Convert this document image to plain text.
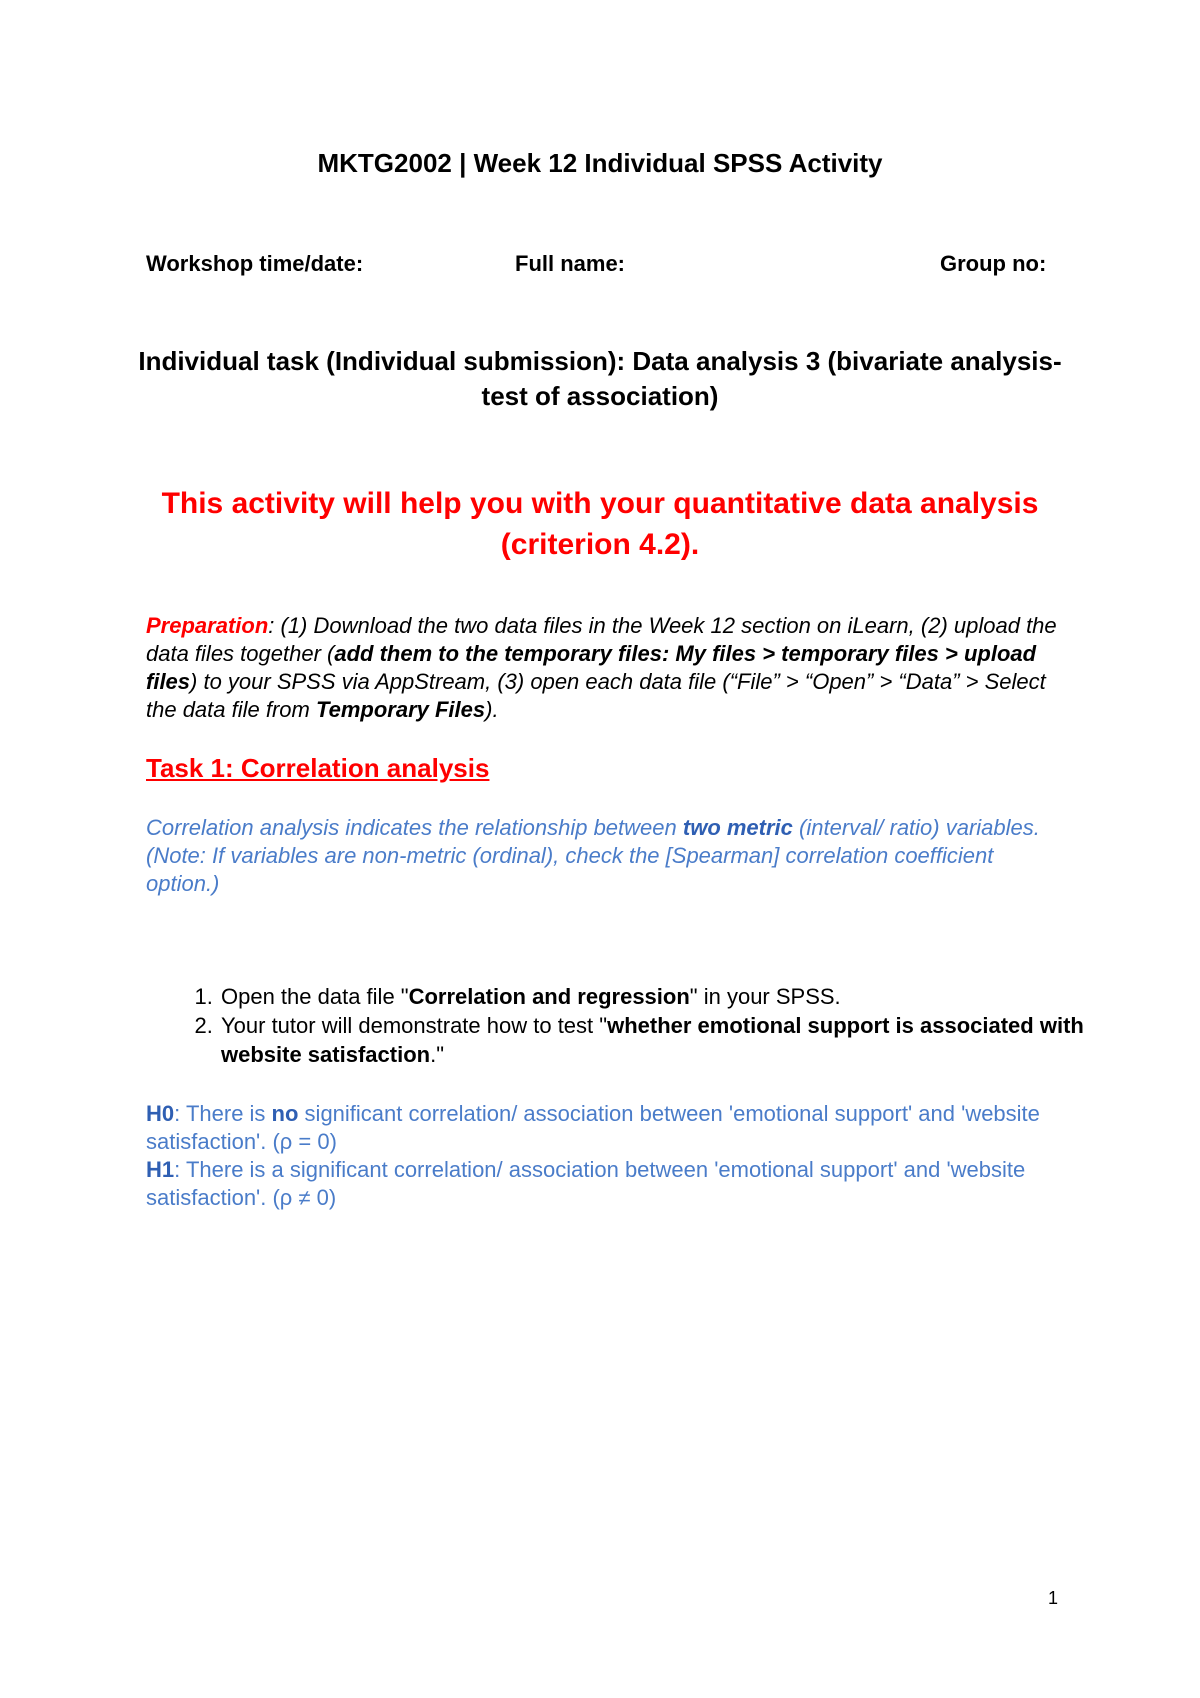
MKTG2002 | Week 12 Individual SPSS Activity
Workshop time/date:	Full name:	Group no:
Individual task (Individual submission): Data analysis 3 (bivariate analysis- test of association)
This activity will help you with your quantitative data analysis (criterion 4.2).
Preparation: (1) Download the two data files in the Week 12 section on iLearn, (2) upload the data files together (add them to the temporary files: My files > temporary files > upload files) to your SPSS via AppStream, (3) open each data file (“File” > “Open” > “Data” > Select the data file from Temporary Files).
Task 1: Correlation analysis
Correlation analysis indicates the relationship between two metric (interval/ ratio) variables. (Note: If variables are non-metric (ordinal), check the [Spearman] correlation coefficient option.)
1. Open the data file "Correlation and regression" in your SPSS.
2. Your tutor will demonstrate how to test "whether emotional support is associated with website satisfaction."

H0: There is no significant correlation/ association between 'emotional support' and 'website satisfaction'. (ρ = 0)

H1: There is a significant correlation/ association between 'emotional support' and 'website satisfaction'. (ρ ≠ 0)

1
